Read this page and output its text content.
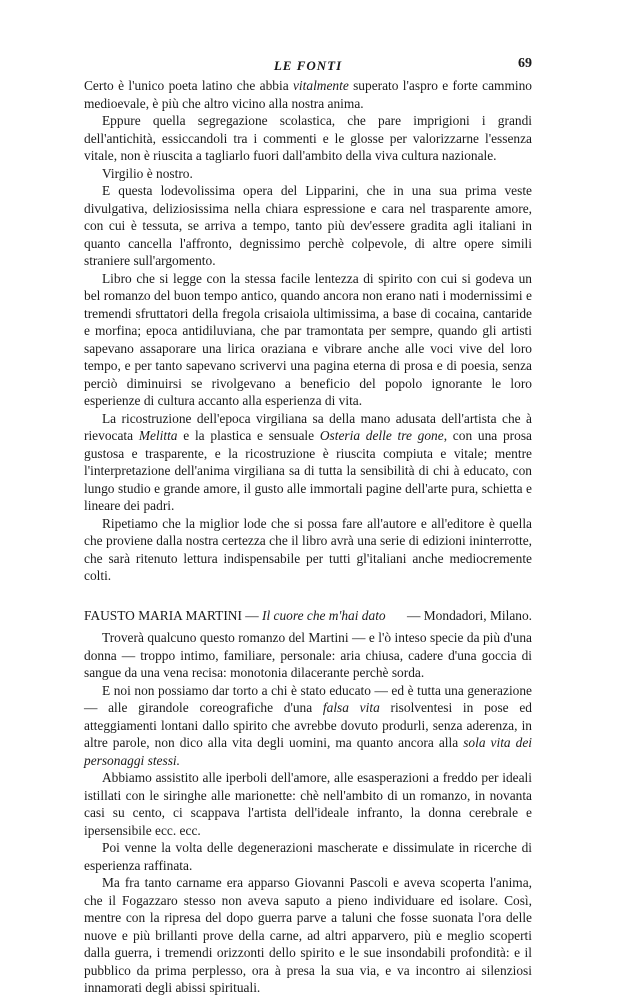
LE FONTI	69

Certo è l'unico poeta latino che abbia vitalmente superato l'aspro e forte cammino medioevale, è più che altro vicino alla nostra anima.

Eppure quella segregazione scolastica, che pare imprigioni i grandi dell'antichità, essiccandoli tra i commenti e le glosse per valorizzarne l'essenza vitale, non è riuscita a tagliarlo fuori dall'ambito della viva cultura nazionale.

Virgilio è nostro.

E questa lodevolissima opera del Lipparini, che in una sua prima veste divulgativa, deliziosissima nella chiara espressione e cara nel trasparente amore, con cui è tessuta, se arriva a tempo, tanto più dev'essere gradita agli italiani in quanto cancella l'affronto, degnissimo perchè colpevole, di altre opere simili straniere sull'argomento.

Libro che si legge con la stessa facile lentezza di spirito con cui si godeva un bel romanzo del buon tempo antico, quando ancora non erano nati i modernissimi e tremendi sfruttatori della fregola crisaiola ultimissima, a base di cocaina, cantaride e morfina; epoca antidiluviana, che par tramontata per sempre, quando gli artisti sapevano assaporare una lirica oraziana e vibrare anche alle voci vive del loro tempo, e per tanto sapevano scrivervi una pagina eterna di prosa e di poesia, senza perciò diminuirsi se rivolgevano a beneficio del popolo ignorante le loro esperienze di cultura accanto alla esperienza di vita.

La ricostruzione dell'epoca virgiliana sa della mano adusata dell'artista che à rievocata Melitta e la plastica e sensuale Osteria delle tre gone, con una prosa gustosa e trasparente, e la ricostruzione è riuscita compiuta e vitale; mentre l'interpretazione dell'anima virgiliana sa di tutta la sensibilità di chi à educato, con lungo studio e grande amore, il gusto alle immortali pagine dell'arte pura, schietta e lineare dei padri.

Ripetiamo che la miglior lode che si possa fare all'autore e all'editore è quella che proviene dalla nostra certezza che il libro avrà una serie di edizioni ininterrotte, che sarà ritenuto lettura indispensabile per tutti gl'italiani anche mediocremente colti.

FAUSTO MARIA MARTINI — Il cuore che m'hai dato — Mondadori, Milano.

Troverà qualcuno questo romanzo del Martini — e l'ò inteso specie da più d'una donna — troppo intimo, familiare, personale: aria chiusa, cadere d'una goccia di sangue da una vena recisa: monotonia dilacerante perchè sorda.

E noi non possiamo dar torto a chi è stato educato — ed è tutta una generazione — alle girandole coreografiche d'una falsa vita risolventesi in pose ed atteggiamenti lontani dallo spirito che avrebbe dovuto produrli, senza aderenza, in altre parole, non dico alla vita degli uomini, ma quanto ancora alla sola vita dei personaggi stessi.

Abbiamo assistito alle iperboli dell'amore, alle esasperazioni a freddo per ideali istillati con le siringhe alle marionette: chè nell'ambito di un romanzo, in novanta casi su cento, ci scappava l'artista dell'ideale infranto, la donna cerebrale e ipersensibile ecc. ecc.

Poi venne la volta delle degenerazioni mascherate e dissimulate in ricerche di esperienza raffinata.

Ma fra tanto carname era apparso Giovanni Pascoli e aveva scoperta l'anima, che il Fogazzaro stesso non aveva saputo a pieno individuare ed isolare. Così, mentre con la ripresa del dopo guerra parve a taluni che fosse suonata l'ora delle nuove e più brillanti prove della carne, ad altri apparvero, più e meglio scoperti dalla guerra, i tremendi orizzonti dello spirito e le sue insondabili profondità: e il pubblico da prima perplesso, ora à presa la sua via, e va incontro ai silenziosi innamorati degli abissi spirituali.
